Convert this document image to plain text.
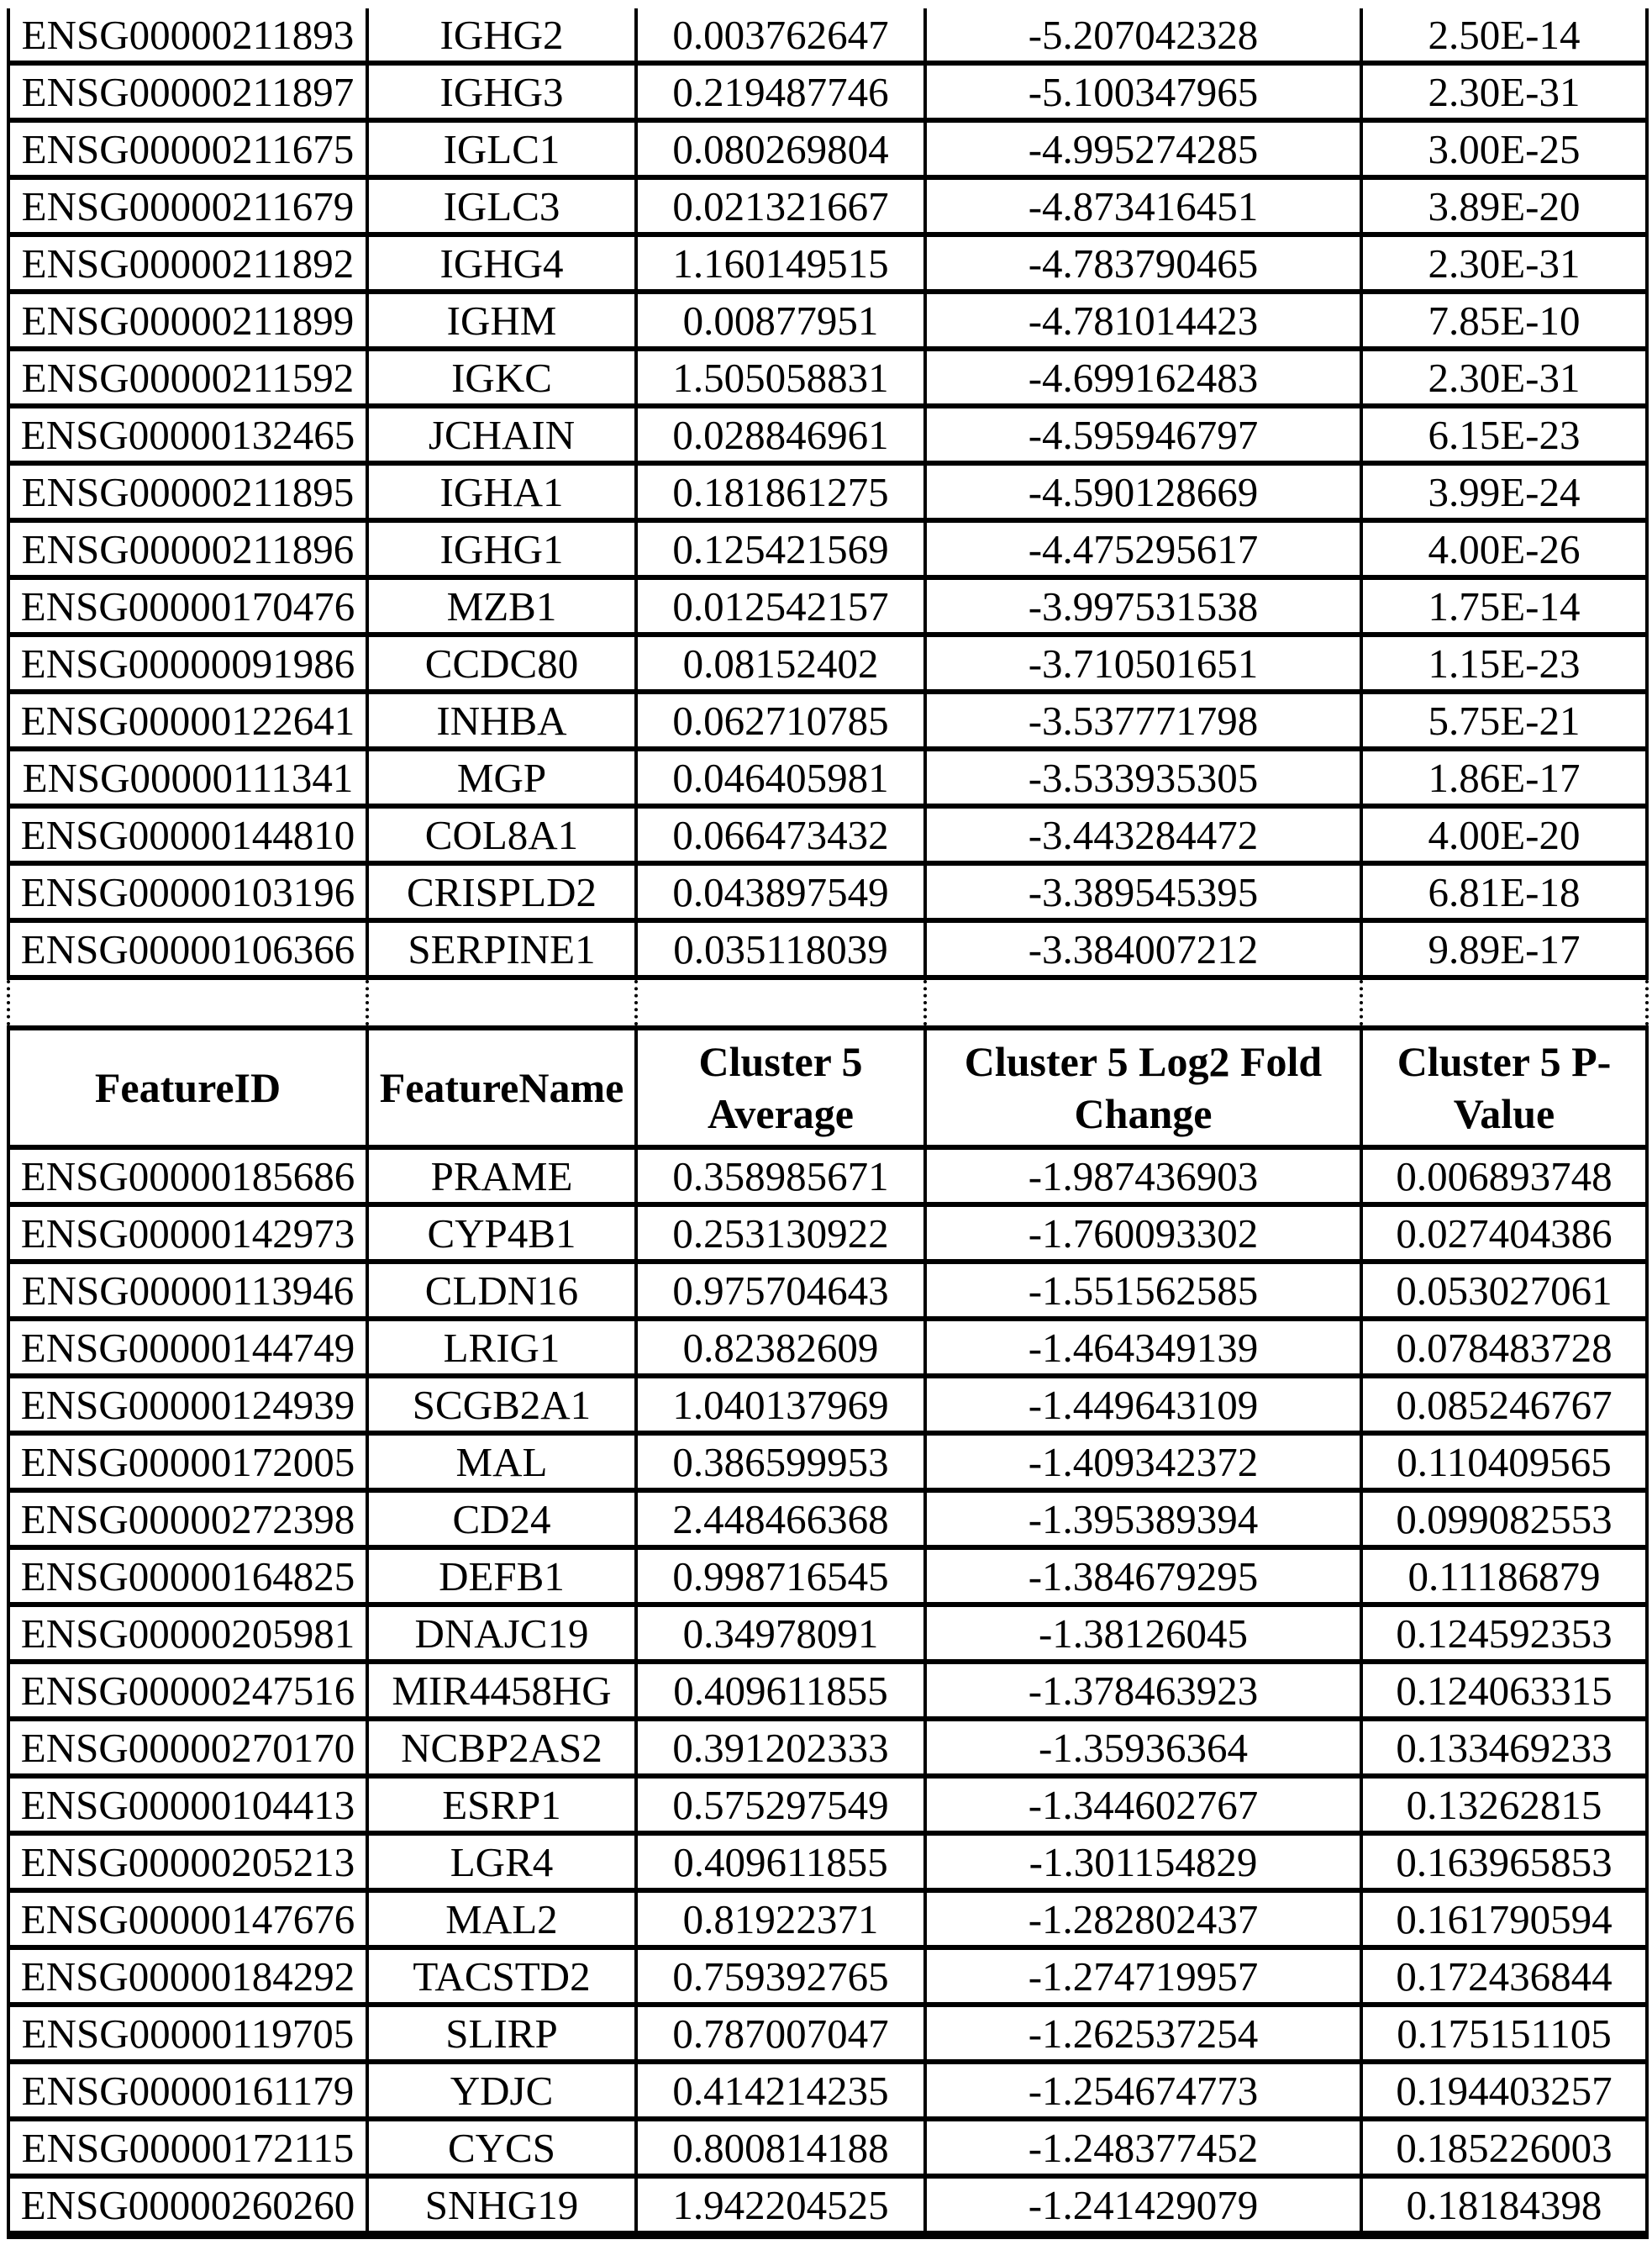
ENSG00000211893	IGHG2	0.003762647	-5.207042328	2.50E-14
ENSG00000211897	IGHG3	0.219487746	-5.100347965	2.30E-31
ENSG00000211675	IGLC1	0.080269804	-4.995274285	3.00E-25
ENSG00000211679	IGLC3	0.021321667	-4.873416451	3.89E-20
ENSG00000211892	IGHG4	1.160149515	-4.783790465	2.30E-31
ENSG00000211899	IGHM	0.00877951	-4.781014423	7.85E-10
ENSG00000211592	IGKC	1.505058831	-4.699162483	2.30E-31
ENSG00000132465	JCHAIN	0.028846961	-4.595946797	6.15E-23
ENSG00000211895	IGHA1	0.181861275	-4.590128669	3.99E-24
ENSG00000211896	IGHG1	0.125421569	-4.475295617	4.00E-26
ENSG00000170476	MZB1	0.012542157	-3.997531538	1.75E-14
ENSG00000091986	CCDC80	0.08152402	-3.710501651	1.15E-23
ENSG00000122641	INHBA	0.062710785	-3.537771798	5.75E-21
ENSG00000111341	MGP	0.046405981	-3.533935305	1.86E-17
ENSG00000144810	COL8A1	0.066473432	-3.443284472	4.00E-20
ENSG00000103196	CRISPLD2	0.043897549	-3.389545395	6.81E-18
ENSG00000106366	SERPINE1	0.035118039	-3.384007212	9.89E-17

FeatureID	FeatureName	Cluster 5 Average	Cluster 5 Log2 Fold Change	Cluster 5 P-Value
ENSG00000185686	PRAME	0.358985671	-1.987436903	0.006893748
ENSG00000142973	CYP4B1	0.253130922	-1.760093302	0.027404386
ENSG00000113946	CLDN16	0.975704643	-1.551562585	0.053027061
ENSG00000144749	LRIG1	0.82382609	-1.464349139	0.078483728
ENSG00000124939	SCGB2A1	1.040137969	-1.449643109	0.085246767
ENSG00000172005	MAL	0.386599953	-1.409342372	0.110409565
ENSG00000272398	CD24	2.448466368	-1.395389394	0.099082553
ENSG00000164825	DEFB1	0.998716545	-1.384679295	0.11186879
ENSG00000205981	DNAJC19	0.34978091	-1.38126045	0.124592353
ENSG00000247516	MIR4458HG	0.409611855	-1.378463923	0.124063315
ENSG00000270170	NCBP2AS2	0.391202333	-1.35936364	0.133469233
ENSG00000104413	ESRP1	0.575297549	-1.344602767	0.13262815
ENSG00000205213	LGR4	0.409611855	-1.301154829	0.163965853
ENSG00000147676	MAL2	0.81922371	-1.282802437	0.161790594
ENSG00000184292	TACSTD2	0.759392765	-1.274719957	0.172436844
ENSG00000119705	SLIRP	0.787007047	-1.262537254	0.175151105
ENSG00000161179	YDJC	0.414214235	-1.254674773	0.194403257
ENSG00000172115	CYCS	0.800814188	-1.248377452	0.185226003
ENSG00000260260	SNHG19	1.942204525	-1.241429079	0.18184398
